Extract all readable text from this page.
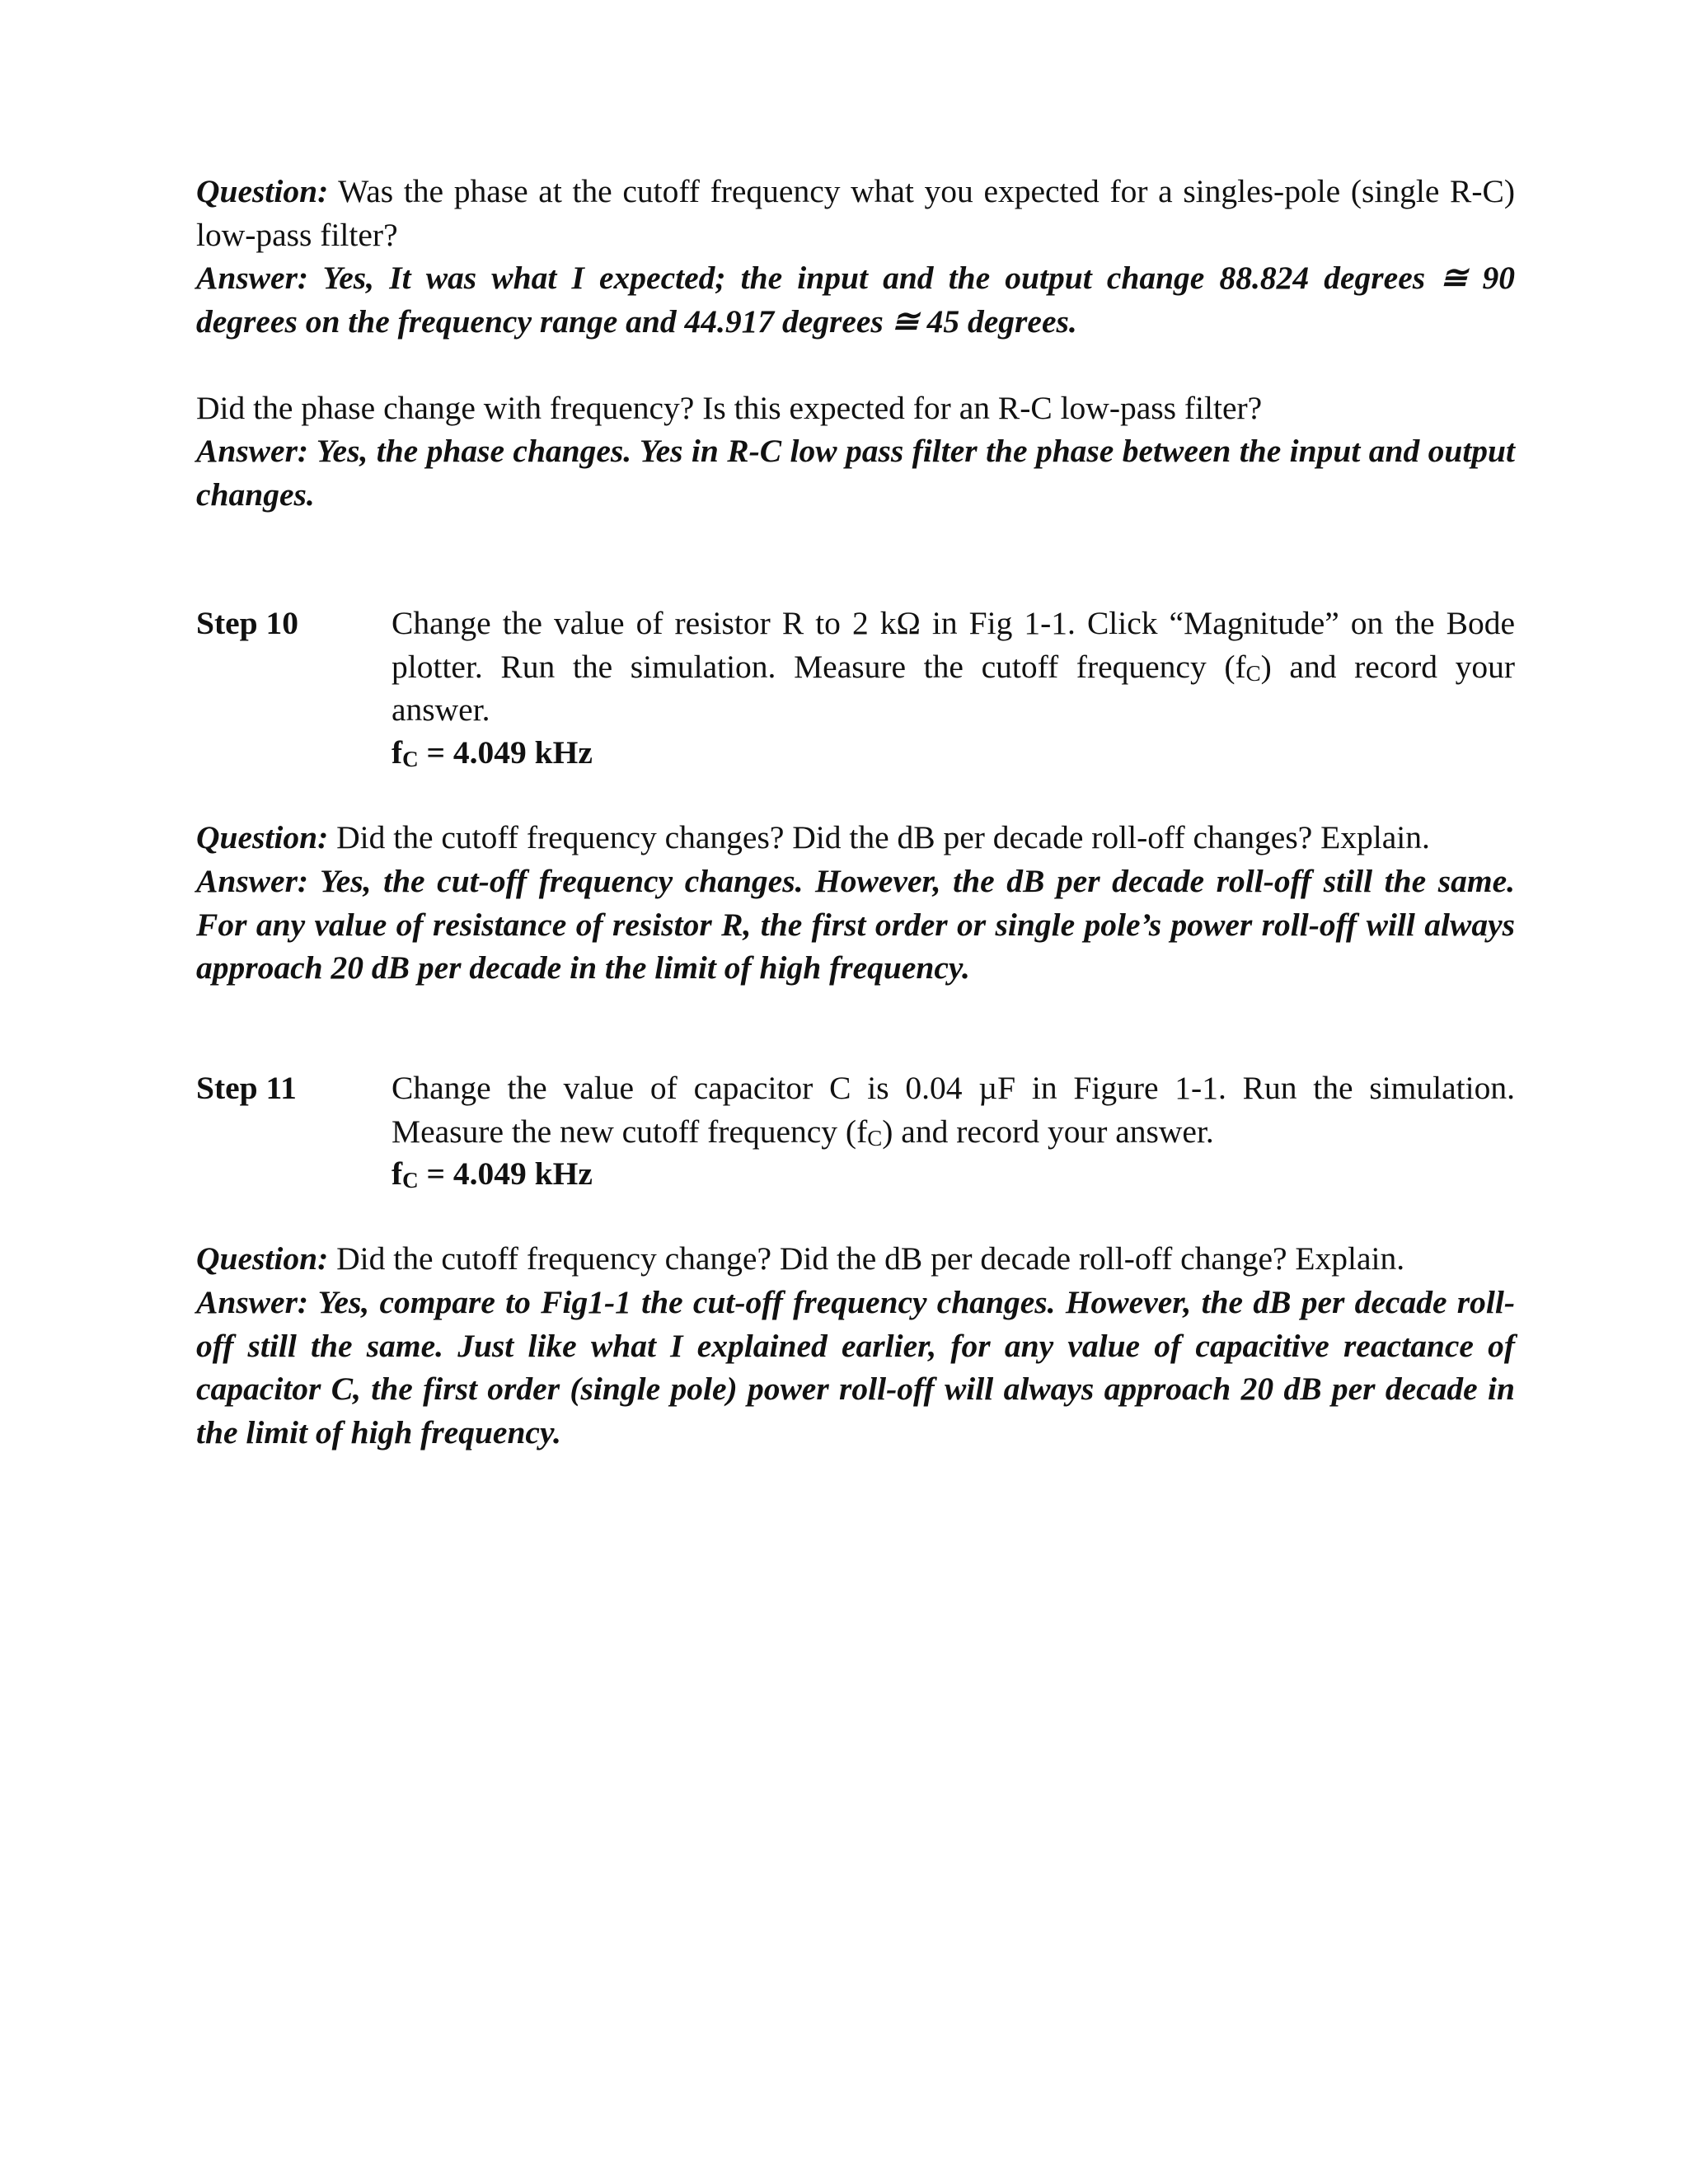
Question: Was the phase at the cutoff frequency what you expected for a singles-pole (single R-C) low-pass filter?
Answer: Yes, It was what I expected; the input and the output change 88.824 degrees ≅ 90 degrees on the frequency range and 44.917 degrees ≅ 45 degrees.
Did the phase change with frequency? Is this expected for an R-C low-pass filter?
Answer: Yes, the phase changes. Yes in R-C low pass filter the phase between the input and output changes.
Step 10	Change the value of resistor R to 2 kΩ in Fig 1-1. Click “Magnitude” on the Bode plotter. Run the simulation. Measure the cutoff frequency $(f_C)$ and record your answer.
$f_C = 4.049$ kHz
Question: Did the cutoff frequency changes? Did the dB per decade roll-off changes? Explain.
Answer: Yes, the cut-off frequency changes. However, the dB per decade roll-off still the same. For any value of resistance of resistor R, the first order or single pole’s power roll-off will always approach 20 dB per decade in the limit of high frequency.
Step 11	Change the value of capacitor C is 0.04 µF in Figure 1-1. Run the simulation. Measure the new cutoff frequency $(f_C)$ and record your answer.
$f_C = 4.049$ kHz
Question: Did the cutoff frequency change? Did the dB per decade roll-off change? Explain.
Answer: Yes, compare to Fig1-1 the cut-off frequency changes. However, the dB per decade roll-off still the same. Just like what I explained earlier, for any value of capacitive reactance of capacitor C, the first order (single pole) power roll-off will always approach 20 dB per decade in the limit of high frequency.
